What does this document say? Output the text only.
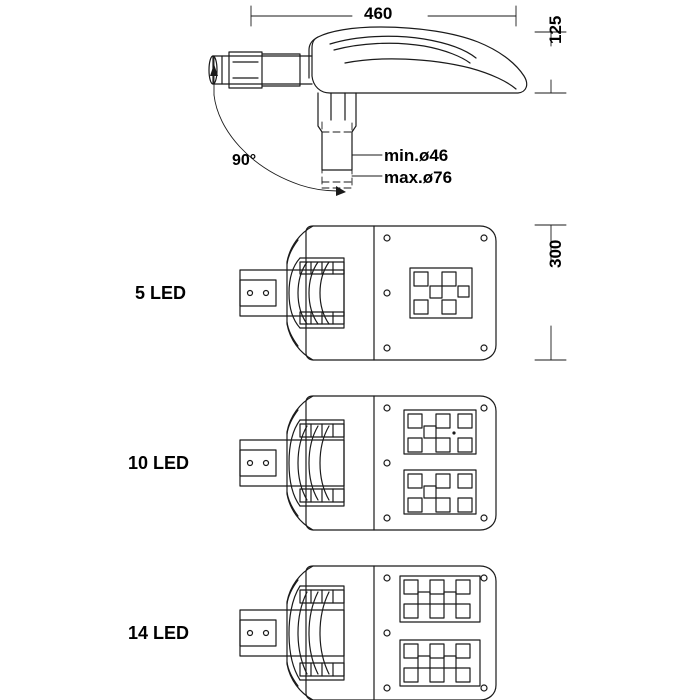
460
125
300
90°	min.ø46
max.ø76
5 LED
10 LED
14 LED
